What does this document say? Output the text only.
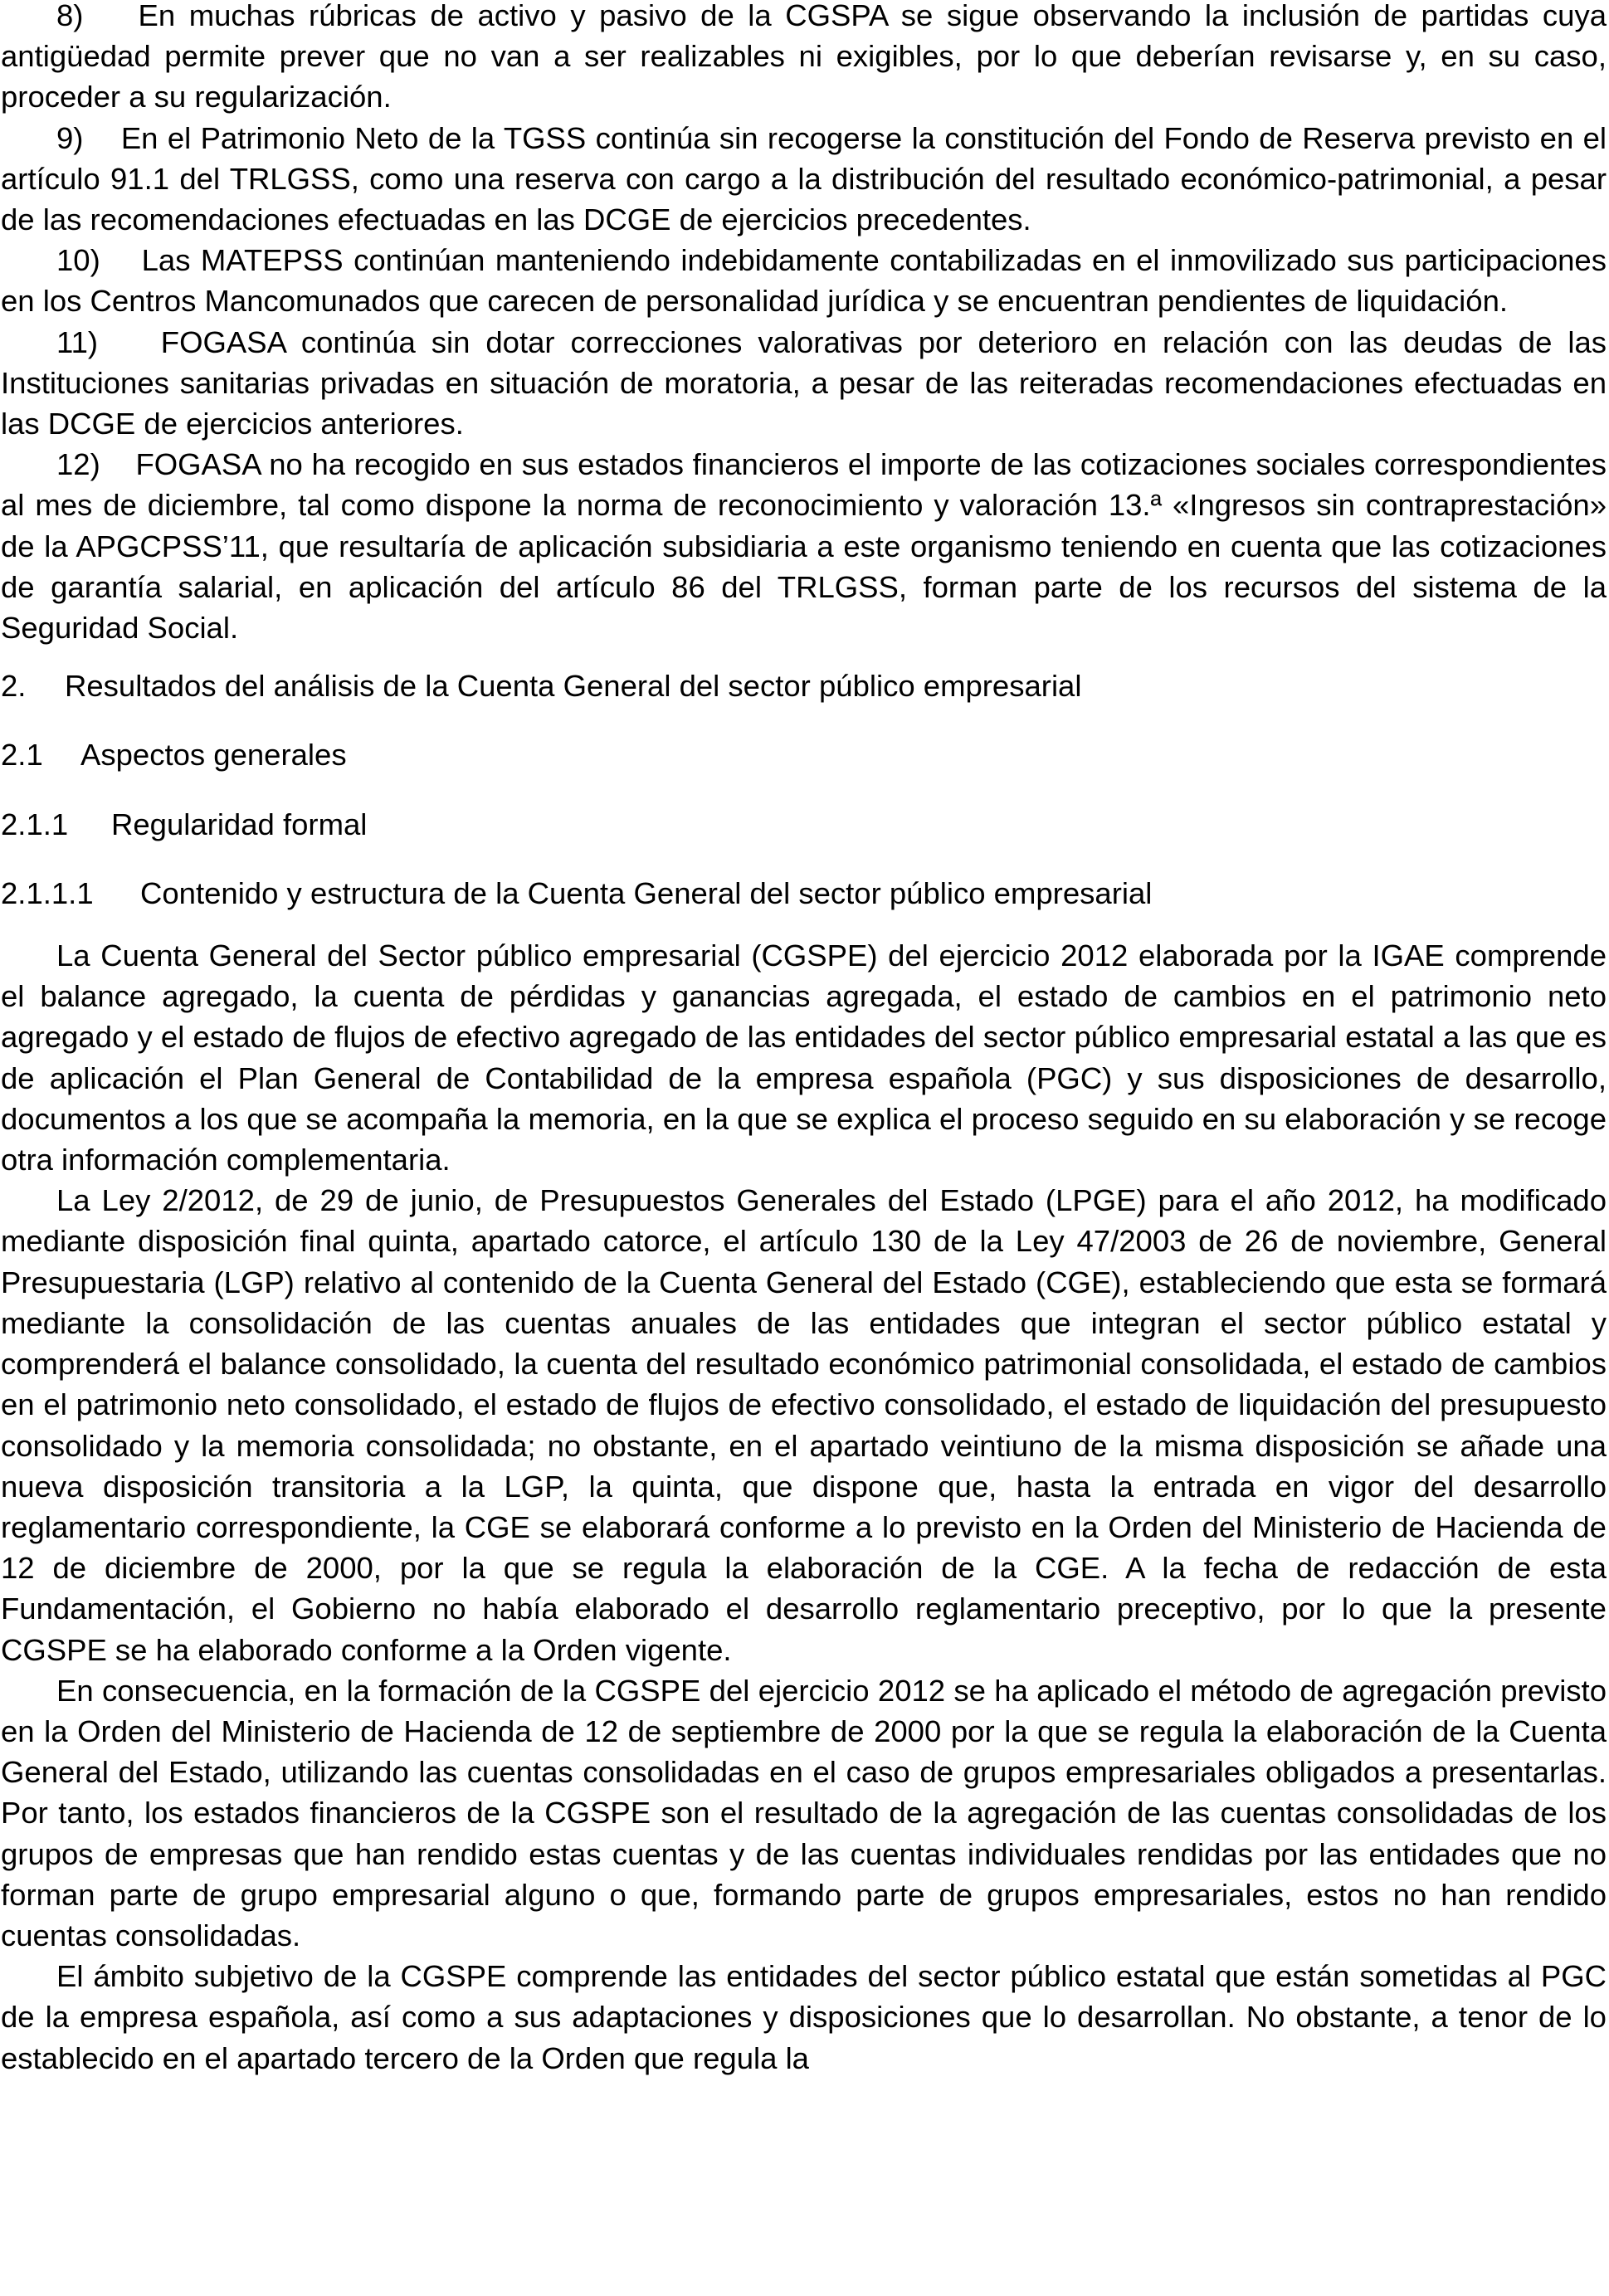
8)    En muchas rúbricas de activo y pasivo de la CGSPA se sigue observando la inclusión de partidas cuya antigüedad permite prever que no van a ser realizables ni exigibles, por lo que deberían revisarse y, en su caso, proceder a su regularización.

9)    En el Patrimonio Neto de la TGSS continúa sin recogerse la constitución del Fondo de Reserva previsto en el artículo 91.1 del TRLGSS, como una reserva con cargo a la distribución del resultado económico-patrimonial, a pesar de las recomendaciones efectuadas en las DCGE de ejercicios precedentes.

10)    Las MATEPSS continúan manteniendo indebidamente contabilizadas en el inmovilizado sus participaciones en los Centros Mancomunados que carecen de personalidad jurídica y se encuentran pendientes de liquidación.

11)    FOGASA continúa sin dotar correcciones valorativas por deterioro en relación con las deudas de las Instituciones sanitarias privadas en situación de moratoria, a pesar de las reiteradas recomendaciones efectuadas en las DCGE de ejercicios anteriores.

12)    FOGASA no ha recogido en sus estados financieros el importe de las cotizaciones sociales correspondientes al mes de diciembre, tal como dispone la norma de reconocimiento y valoración 13.ª «Ingresos sin contraprestación» de la APGCPSS’11, que resultaría de aplicación subsidiaria a este organismo teniendo en cuenta que las cotizaciones de garantía salarial, en aplicación del artículo 86 del TRLGSS, forman parte de los recursos del sistema de la Seguridad Social.

2. Resultados del análisis de la Cuenta General del sector público empresarial
2.1 Aspectos generales
2.1.1 Regularidad formal
2.1.1.1 Contenido y estructura de la Cuenta General del sector público empresarial

La Cuenta General del Sector público empresarial (CGSPE) del ejercicio 2012 elaborada por la IGAE comprende el balance agregado, la cuenta de pérdidas y ganancias agregada, el estado de cambios en el patrimonio neto agregado y el estado de flujos de efectivo agregado de las entidades del sector público empresarial estatal a las que es de aplicación el Plan General de Contabilidad de la empresa española (PGC) y sus disposiciones de desarrollo, documentos a los que se acompaña la memoria, en la que se explica el proceso seguido en su elaboración y se recoge otra información complementaria.

La Ley 2/2012, de 29 de junio, de Presupuestos Generales del Estado (LPGE) para el año 2012, ha modificado mediante disposición final quinta, apartado catorce, el artículo 130 de la Ley 47/2003 de 26 de noviembre, General Presupuestaria (LGP) relativo al contenido de la Cuenta General del Estado (CGE), estableciendo que esta se formará mediante la consolidación de las cuentas anuales de las entidades que integran el sector público estatal y comprenderá el balance consolidado, la cuenta del resultado económico patrimonial consolidada, el estado de cambios en el patrimonio neto consolidado, el estado de flujos de efectivo consolidado, el estado de liquidación del presupuesto consolidado y la memoria consolidada; no obstante, en el apartado veintiuno de la misma disposición se añade una nueva disposición transitoria a la LGP, la quinta, que dispone que, hasta la entrada en vigor del desarrollo reglamentario correspondiente, la CGE se elaborará conforme a lo previsto en la Orden del Ministerio de Hacienda de 12 de diciembre de 2000, por la que se regula la elaboración de la CGE. A la fecha de redacción de esta Fundamentación, el Gobierno no había elaborado el desarrollo reglamentario preceptivo, por lo que la presente CGSPE se ha elaborado conforme a la Orden vigente.

En consecuencia, en la formación de la CGSPE del ejercicio 2012 se ha aplicado el método de agregación previsto en la Orden del Ministerio de Hacienda de 12 de septiembre de 2000 por la que se regula la elaboración de la Cuenta General del Estado, utilizando las cuentas consolidadas en el caso de grupos empresariales obligados a presentarlas. Por tanto, los estados financieros de la CGSPE son el resultado de la agregación de las cuentas consolidadas de los grupos de empresas que han rendido estas cuentas y de las cuentas individuales rendidas por las entidades que no forman parte de grupo empresarial alguno o que, formando parte de grupos empresariales, estos no han rendido cuentas consolidadas.

El ámbito subjetivo de la CGSPE comprende las entidades del sector público estatal que están sometidas al PGC de la empresa española, así como a sus adaptaciones y disposiciones que lo desarrollan. No obstante, a tenor de lo establecido en el apartado tercero de la Orden que regula la
